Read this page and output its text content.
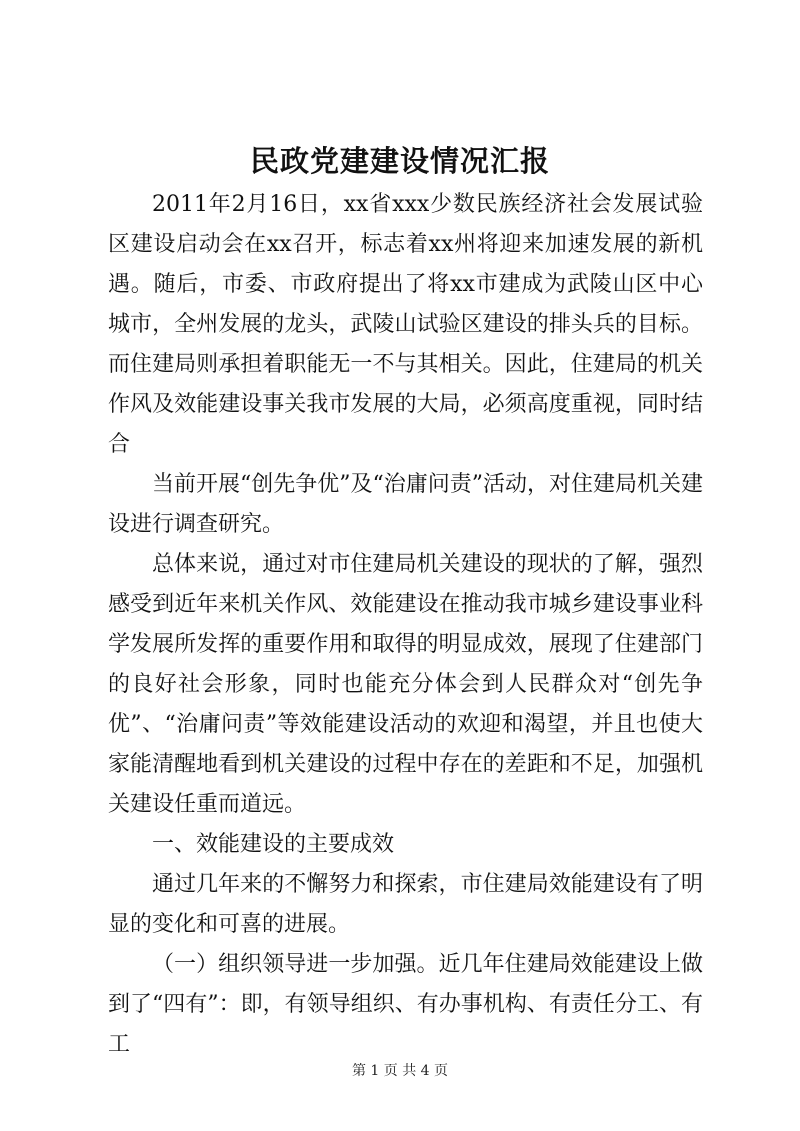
民政党建建设情况汇报

2011年2月16日，xx省xxx少数民族经济社会发展试验区建设启动会在xx召开，标志着xx州将迎来加速发展的新机遇。随后，市委、市政府提出了将xx市建成为武陵山区中心城市，全州发展的龙头，武陵山试验区建设的排头兵的目标。而住建局则承担着职能无一不与其相关。因此，住建局的机关作风及效能建设事关我市发展的大局，必须高度重视，同时结合

当前开展“创先争优”及“治庸问责”活动，对住建局机关建设进行调查研究。

总体来说，通过对市住建局机关建设的现状的了解，强烈感受到近年来机关作风、效能建设在推动我市城乡建设事业科学发展所发挥的重要作用和取得的明显成效，展现了住建部门的良好社会形象，同时也能充分体会到人民群众对“创先争优”、“治庸问责”等效能建设活动的欢迎和渴望，并且也使大家能清醒地看到机关建设的过程中存在的差距和不足，加强机关建设任重而道远。

一、效能建设的主要成效

通过几年来的不懈努力和探索，市住建局效能建设有了明显的变化和可喜的进展。

（一）组织领导进一步加强。近几年住建局效能建设上做到了“四有”：即，有领导组织、有办事机构、有责任分工、有工

第 1 页 共 4 页
